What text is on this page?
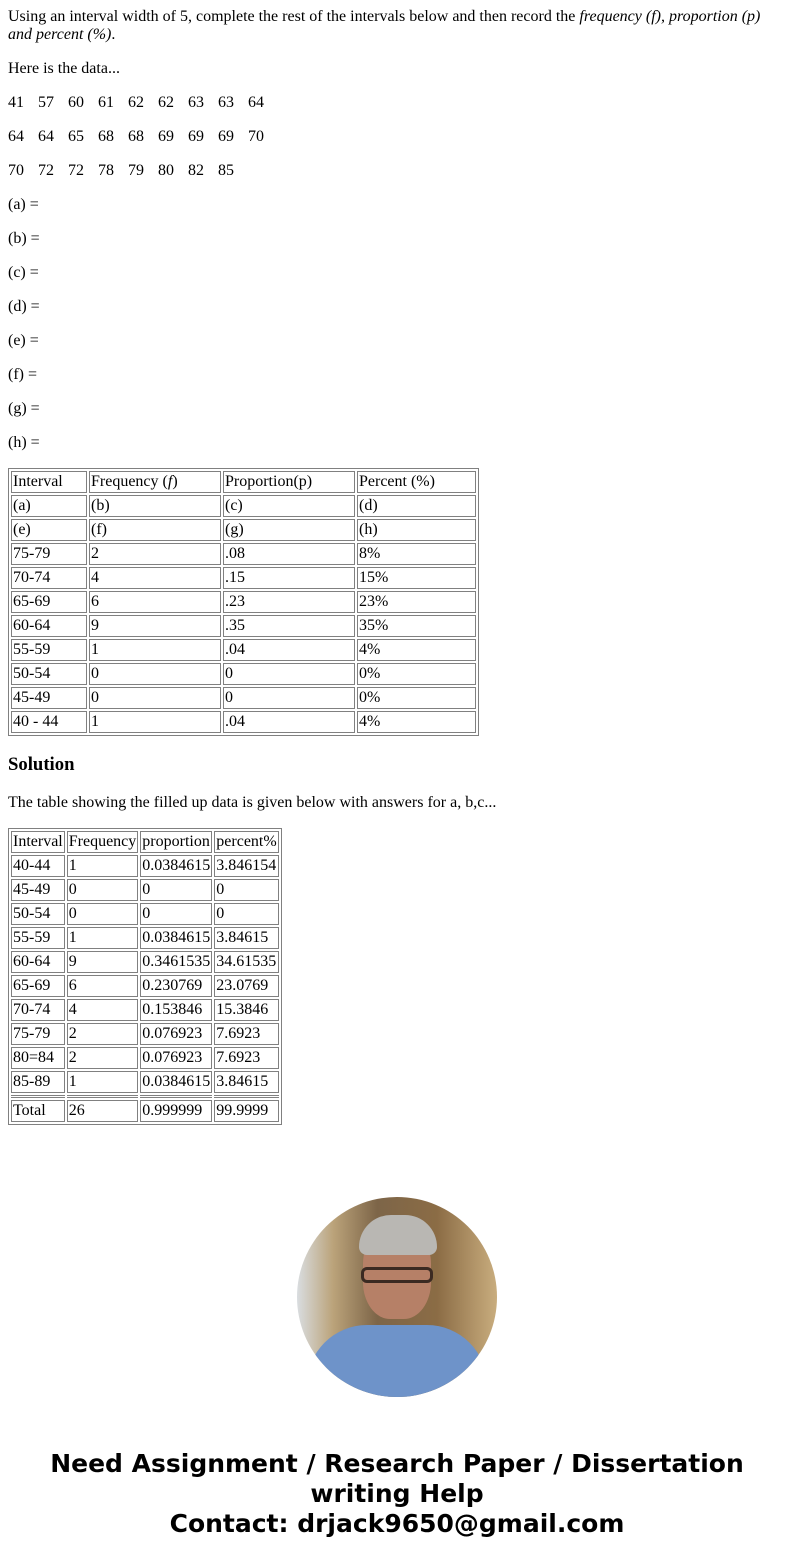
Using an interval width of 5, complete the rest of the intervals below and then record the frequency (f), proportion (p) and percent (%).

Here is the data...

41 57 60 61 62 62 63 63 64

64 64 65 68 68 69 69 69 70

70 72 72 78 79 80 82 85

(a) =

(b) =

(c) =

(d) =

(e) =

(f) =

(g) =

(h) =

Interval	Frequency (f)	Proportion(p)	Percent (%)
(a)	(b)	(c)	(d)
(e)	(f)	(g)	(h)
75-79	2	.08	8%
70-74	4	.15	15%
65-69	6	.23	23%
60-64	9	.35	35%
55-59	1	.04	4%
50-54	0	0	0%
45-49	0	0	0%
40 - 44	1	.04	4%
Solution

The table showing the filled up data is given below with answers for a, b,c...

Interval	Frequency	proportion	percent%
40-44	1	0.0384615	3.846154
45-49	0	0	0
50-54	0	0	0
55-59	1	0.0384615	3.84615
60-64	9	0.3461535	34.61535
65-69	6	0.230769	23.0769
70-74	4	0.153846	15.3846
75-79	2	0.076923	7.6923
80=84	2	0.076923	7.6923
85-89	1	0.0384615	3.84615

Total	26	0.999999	99.9999
Need Assignment / Research Paper / Dissertation writing Help
Contact: drjack9650@gmail.com
